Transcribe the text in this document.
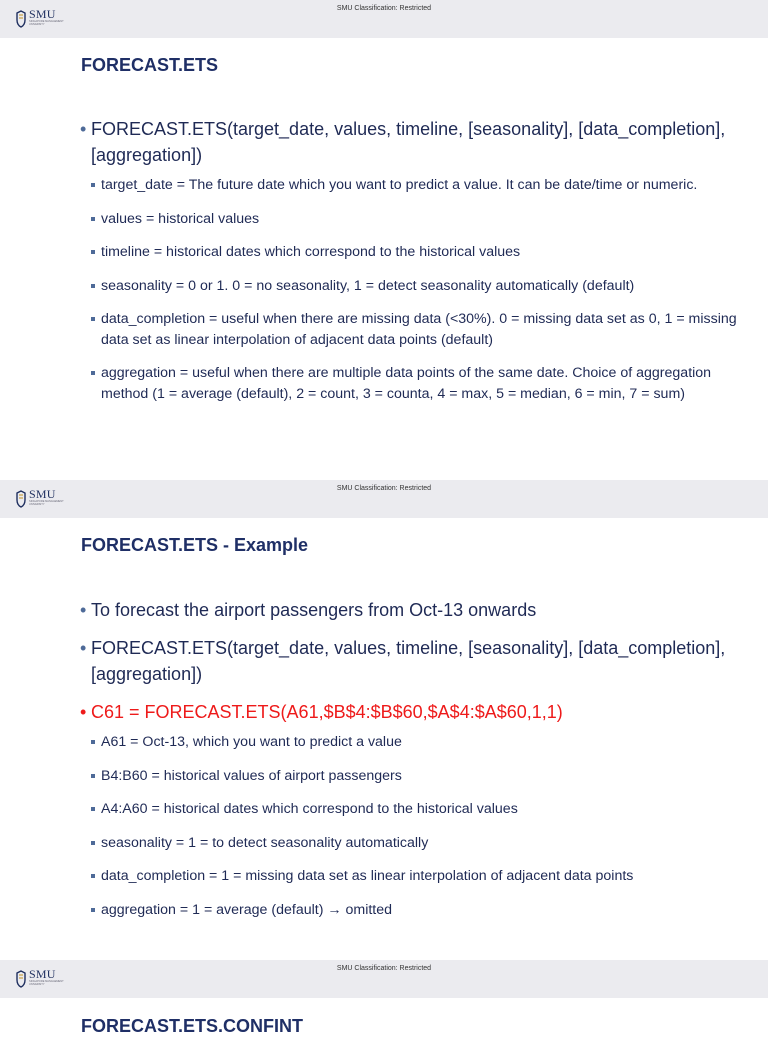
SMU
SINGAPORE MANAGEMENT UNIVERSITY
SMU Classification: Restricted
FORECAST.ETS
• FORECAST.ETS(target_date, values, timeline, [seasonality], [data_completion], [aggregation])
target_date = The future date which you want to predict a value. It can be date/time or numeric.
values = historical values
timeline = historical dates which correspond to the historical values
seasonality = 0 or 1. 0 = no seasonality, 1 = detect seasonality automatically (default)
data_completion = useful when there are missing data (<30%). 0 = missing data set as 0, 1 = missing data set as linear interpolation of adjacent data points (default)
aggregation = useful when there are multiple data points of the same date. Choice of aggregation method (1 = average (default), 2 = count, 3 = counta, 4 = max, 5 = median, 6 = min, 7 = sum)
SMU
SINGAPORE MANAGEMENT UNIVERSITY
SMU Classification: Restricted
FORECAST.ETS - Example
• To forecast the airport passengers from Oct-13 onwards
• FORECAST.ETS(target_date, values, timeline, [seasonality], [data_completion], [aggregation])
• C61 = FORECAST.ETS(A61,$B$4:$B$60,$A$4:$A$60,1,1)
A61 = Oct-13, which you want to predict a value
B4:B60 = historical values of airport passengers
A4:A60 = historical dates which correspond to the historical values
seasonality = 1 = to detect seasonality automatically
data_completion = 1 = missing data set as linear interpolation of adjacent data points
aggregation = 1 = average (default) → omitted
SMU
SINGAPORE MANAGEMENT UNIVERSITY
SMU Classification: Restricted
FORECAST.ETS.CONFINT
